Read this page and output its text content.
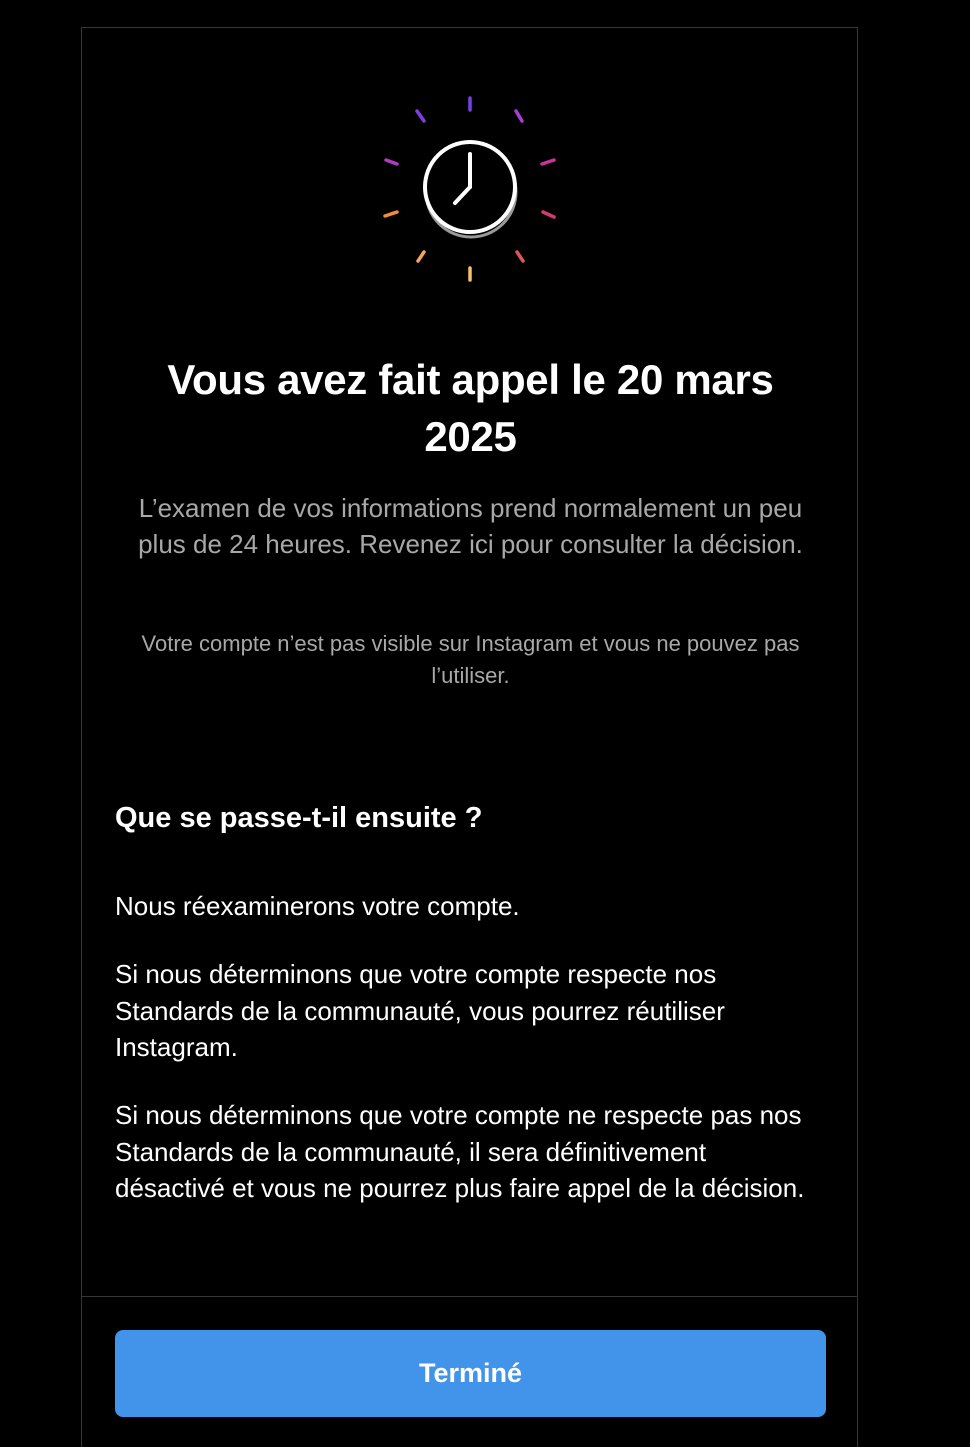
Vous avez fait appel le 20 mars 2025

L’examen de vos informations prend normalement un peu plus de 24 heures. Revenez ici pour consulter la décision.

Votre compte n’est pas visible sur Instagram et vous ne pouvez pas l’utiliser.

Que se passe-t-il ensuite ?

Nous réexaminerons votre compte.

Si nous déterminons que votre compte respecte nos Standards de la communauté, vous pourrez réutiliser Instagram.

Si nous déterminons que votre compte ne respecte pas nos Standards de la communauté, il sera définitivement désactivé et vous ne pourrez plus faire appel de la décision.

Terminé
